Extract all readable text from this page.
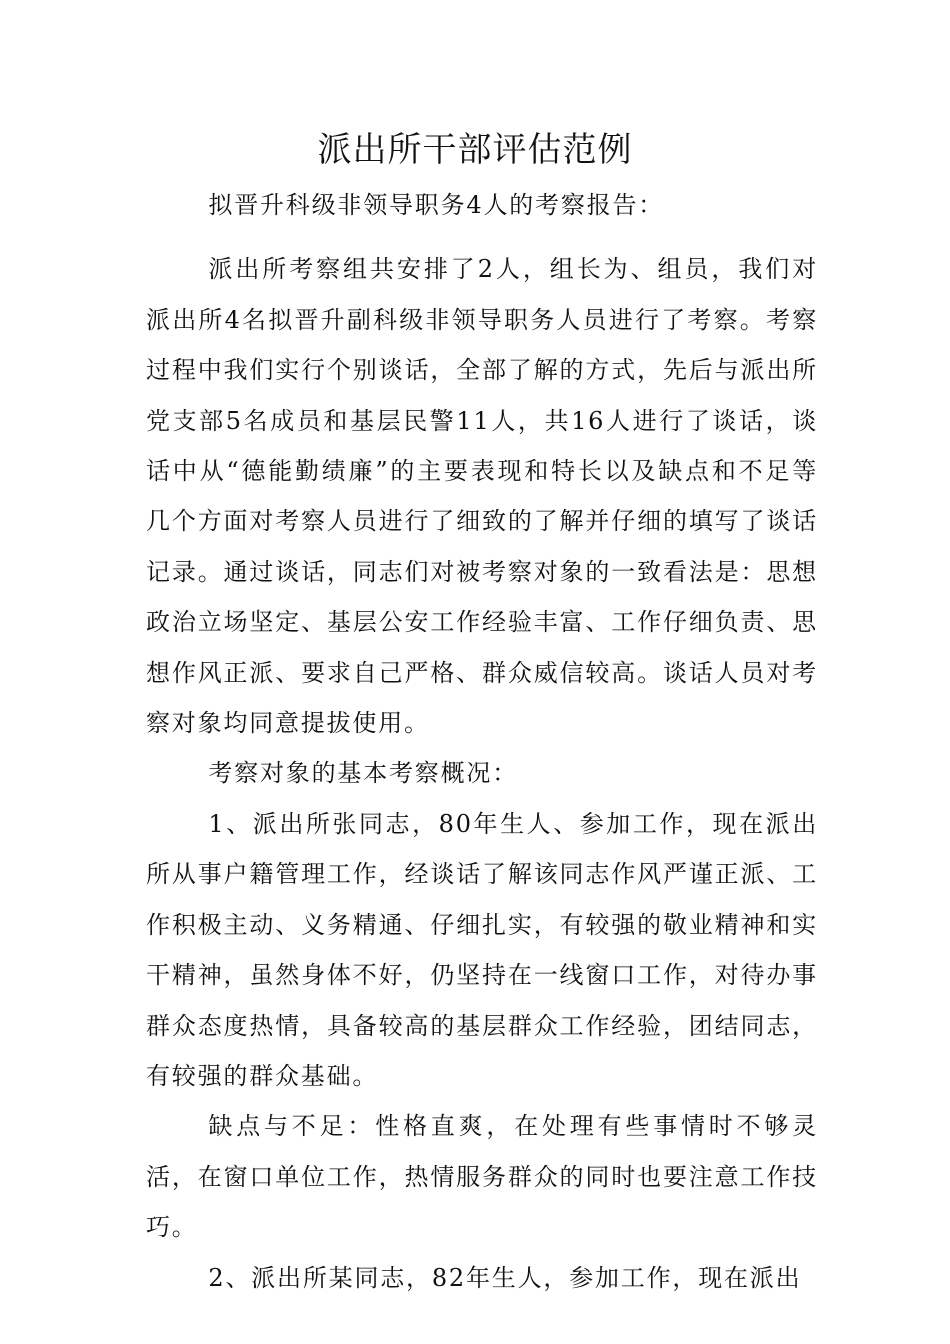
派出所干部评估范例

拟晋升科级非领导职务4人的考察报告：

派出所考察组共安排了2人，组长为、组员，我们对派出所4名拟晋升副科级非领导职务人员进行了考察。考察过程中我们实行个别谈话，全部了解的方式，先后与派出所党支部5名成员和基层民警11人，共16人进行了谈话，谈话中从“德能勤绩廉”的主要表现和特长以及缺点和不足等几个方面对考察人员进行了细致的了解并仔细的填写了谈话记录。通过谈话，同志们对被考察对象的一致看法是：思想政治立场坚定、基层公安工作经验丰富、工作仔细负责、思想作风正派、要求自己严格、群众威信较高。谈话人员对考察对象均同意提拔使用。

考察对象的基本考察概况：

1、派出所张同志，80年生人、参加工作，现在派出所从事户籍管理工作，经谈话了解该同志作风严谨正派、工作积极主动、义务精通、仔细扎实，有较强的敬业精神和实干精神，虽然身体不好，仍坚持在一线窗口工作，对待办事群众态度热情，具备较高的基层群众工作经验，团结同志，有较强的群众基础。

缺点与不足：性格直爽，在处理有些事情时不够灵活，在窗口单位工作，热情服务群众的同时也要注意工作技巧。

2、派出所某同志，82年生人，参加工作，现在派出
